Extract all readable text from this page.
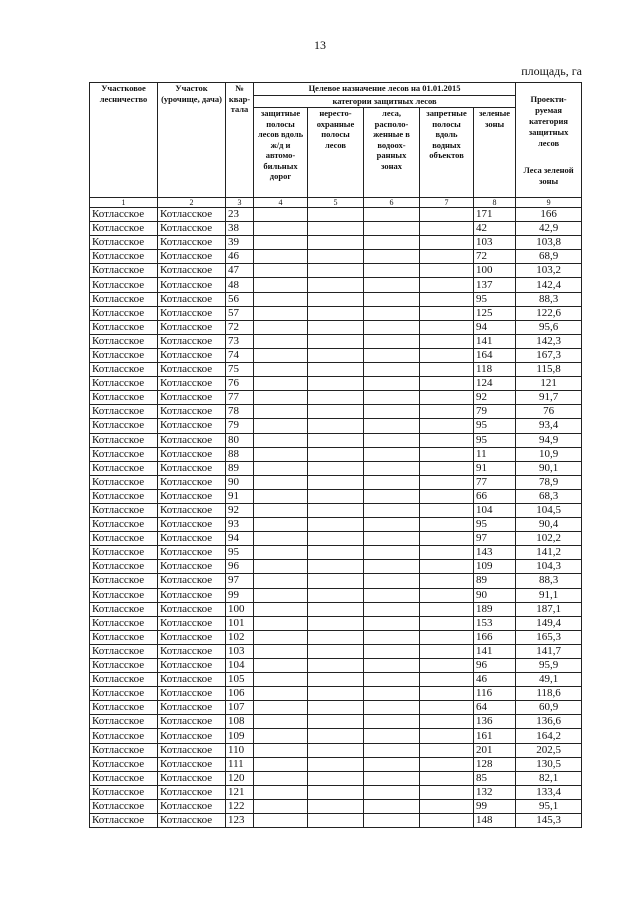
13
площадь, га
Участковое лесничество	Участок (урочище, дача)	№ квар-тала	Целевое назначение лесов на 01.01.2015					Проекти-руемая категория защитных лесов
Леса зеленой зоны

			категории защитных лесов					
			защитные полосы лесов вдоль ж/д и автомо-бильных дорог	нересто-охранные полосы лесов	леса, располо-женные в водоох-ранных зонах	запретные полосы вдоль водных объектов	зеленые зоны	
1	2	3	4	5	6	7	8	9
Котласское	Котласское	23					171	166
Котласское	Котласское	38					42	42,9
Котласское	Котласское	39					103	103,8
Котласское	Котласское	46					72	68,9
Котласское	Котласское	47					100	103,2
Котласское	Котласское	48					137	142,4
Котласское	Котласское	56					95	88,3
Котласское	Котласское	57					125	122,6
Котласское	Котласское	72					94	95,6
Котласское	Котласское	73					141	142,3
Котласское	Котласское	74					164	167,3
Котласское	Котласское	75					118	115,8
Котласское	Котласское	76					124	121
Котласское	Котласское	77					92	91,7
Котласское	Котласское	78					79	76
Котласское	Котласское	79					95	93,4
Котласское	Котласское	80					95	94,9
Котласское	Котласское	88					11	10,9
Котласское	Котласское	89					91	90,1
Котласское	Котласское	90					77	78,9
Котласское	Котласское	91					66	68,3
Котласское	Котласское	92					104	104,5
Котласское	Котласское	93					95	90,4
Котласское	Котласское	94					97	102,2
Котласское	Котласское	95					143	141,2
Котласское	Котласское	96					109	104,3
Котласское	Котласское	97					89	88,3
Котласское	Котласское	99					90	91,1
Котласское	Котласское	100					189	187,1
Котласское	Котласское	101					153	149,4
Котласское	Котласское	102					166	165,3
Котласское	Котласское	103					141	141,7
Котласское	Котласское	104					96	95,9
Котласское	Котласское	105					46	49,1
Котласское	Котласское	106					116	118,6
Котласское	Котласское	107					64	60,9
Котласское	Котласское	108					136	136,6
Котласское	Котласское	109					161	164,2
Котласское	Котласское	110					201	202,5
Котласское	Котласское	111					128	130,5
Котласское	Котласское	120					85	82,1
Котласское	Котласское	121					132	133,4
Котласское	Котласское	122					99	95,1
Котласское	Котласское	123					148	145,3
